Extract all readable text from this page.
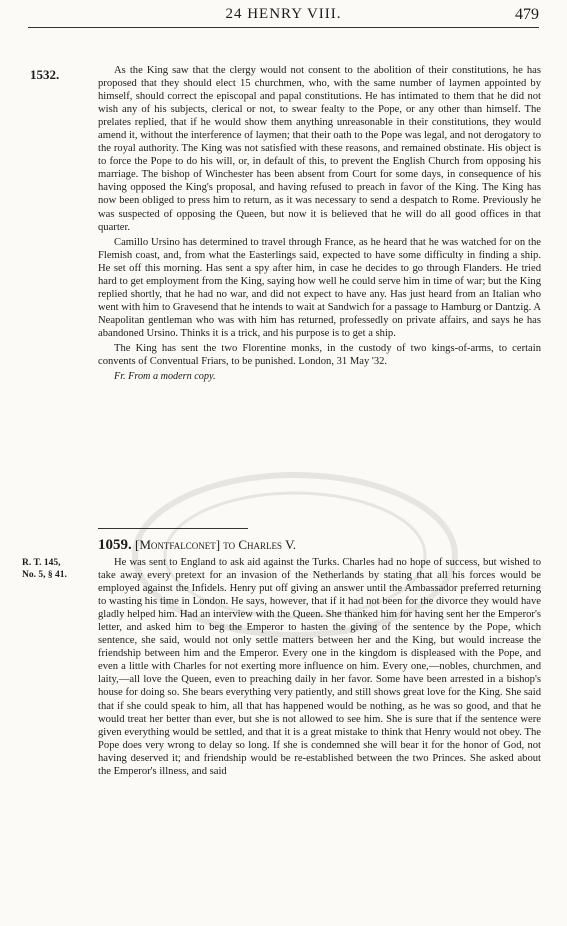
24 HENRY VIII.	479
1532.	As the King saw that the clergy would not consent to the abolition of their constitutions, he has proposed that they should elect 15 churchmen, who, with the same number of laymen appointed by himself, should correct the episcopal and papal constitutions. He has intimated to them that he did not wish any of his subjects, clerical or not, to swear fealty to the Pope, or any other than himself. The prelates replied, that if he would show them anything unreasonable in their constitutions, they would amend it, without the interference of laymen; that their oath to the Pope was legal, and not derogatory to the royal authority. The King was not satisfied with these reasons, and remained obstinate. His object is to force the Pope to do his will, or, in default of this, to prevent the English Church from opposing his marriage. The bishop of Winchester has been absent from Court for some days, in consequence of his having opposed the King's proposal, and having refused to preach in favor of the King. The King has now been obliged to press him to return, as it was necessary to send a despatch to Rome. Previously he was suspected of opposing the Queen, but now it is believed that he will do all good offices in that quarter.

Camillo Ursino has determined to travel through France, as he heard that he was watched for on the Flemish coast, and, from what the Easterlings said, expected to have some difficulty in finding a ship. He set off this morning. Has sent a spy after him, in case he decides to go through Flanders. He tried hard to get employment from the King, saying how well he could serve him in time of war; but the King replied shortly, that he had no war, and did not expect to have any. Has just heard from an Italian who went with him to Gravesend that he intends to wait at Sandwich for a passage to Hamburg or Dantzig. A Neapolitan gentleman who was with him has returned, professedly on private affairs, and says he has abandoned Ursino. Thinks it is a trick, and his purpose is to get a ship.

The King has sent the two Florentine monks, in the custody of two kings-of-arms, to certain convents of Conventual Friars, to be punished. London, 31 May '32.

Fr. From a modern copy.

1059. [Montfalconet] to Charles V.
R. T. 145,
No. 5, § 41.

He was sent to England to ask aid against the Turks. Charles had no hope of success, but wished to take away every pretext for an invasion of the Netherlands by stating that all his forces would be employed against the Infidels. Henry put off giving an answer until the Ambassador preferred returning to wasting his time in London. He says, however, that if it had not been for the divorce they would have gladly helped him. Had an interview with the Queen. She thanked him for having sent her the Emperor's letter, and asked him to beg the Emperor to hasten the giving of the sentence by the Pope, which sentence, she said, would not only settle matters between her and the King, but would increase the friendship between him and the Emperor. Every one in the kingdom is displeased with the Pope, and even a little with Charles for not exerting more influence on him. Every one,—nobles, churchmen, and laity,—all love the Queen, even to preaching daily in her favor. Some have been arrested in a bishop's house for doing so. She bears everything very patiently, and still shows great love for the King. She said that if she could speak to him, all that has happened would be nothing, as he was so good, and that he would treat her better than ever, but she is not allowed to see him. She is sure that if the sentence were given everything would be settled, and that it is a great mistake to think that Henry would not obey. The Pope does very wrong to delay so long. If she is condemned she will bear it for the honor of God, not having deserved it; and friendship would be re-established between the two Princes. She asked about the Emperor's illness, and said
